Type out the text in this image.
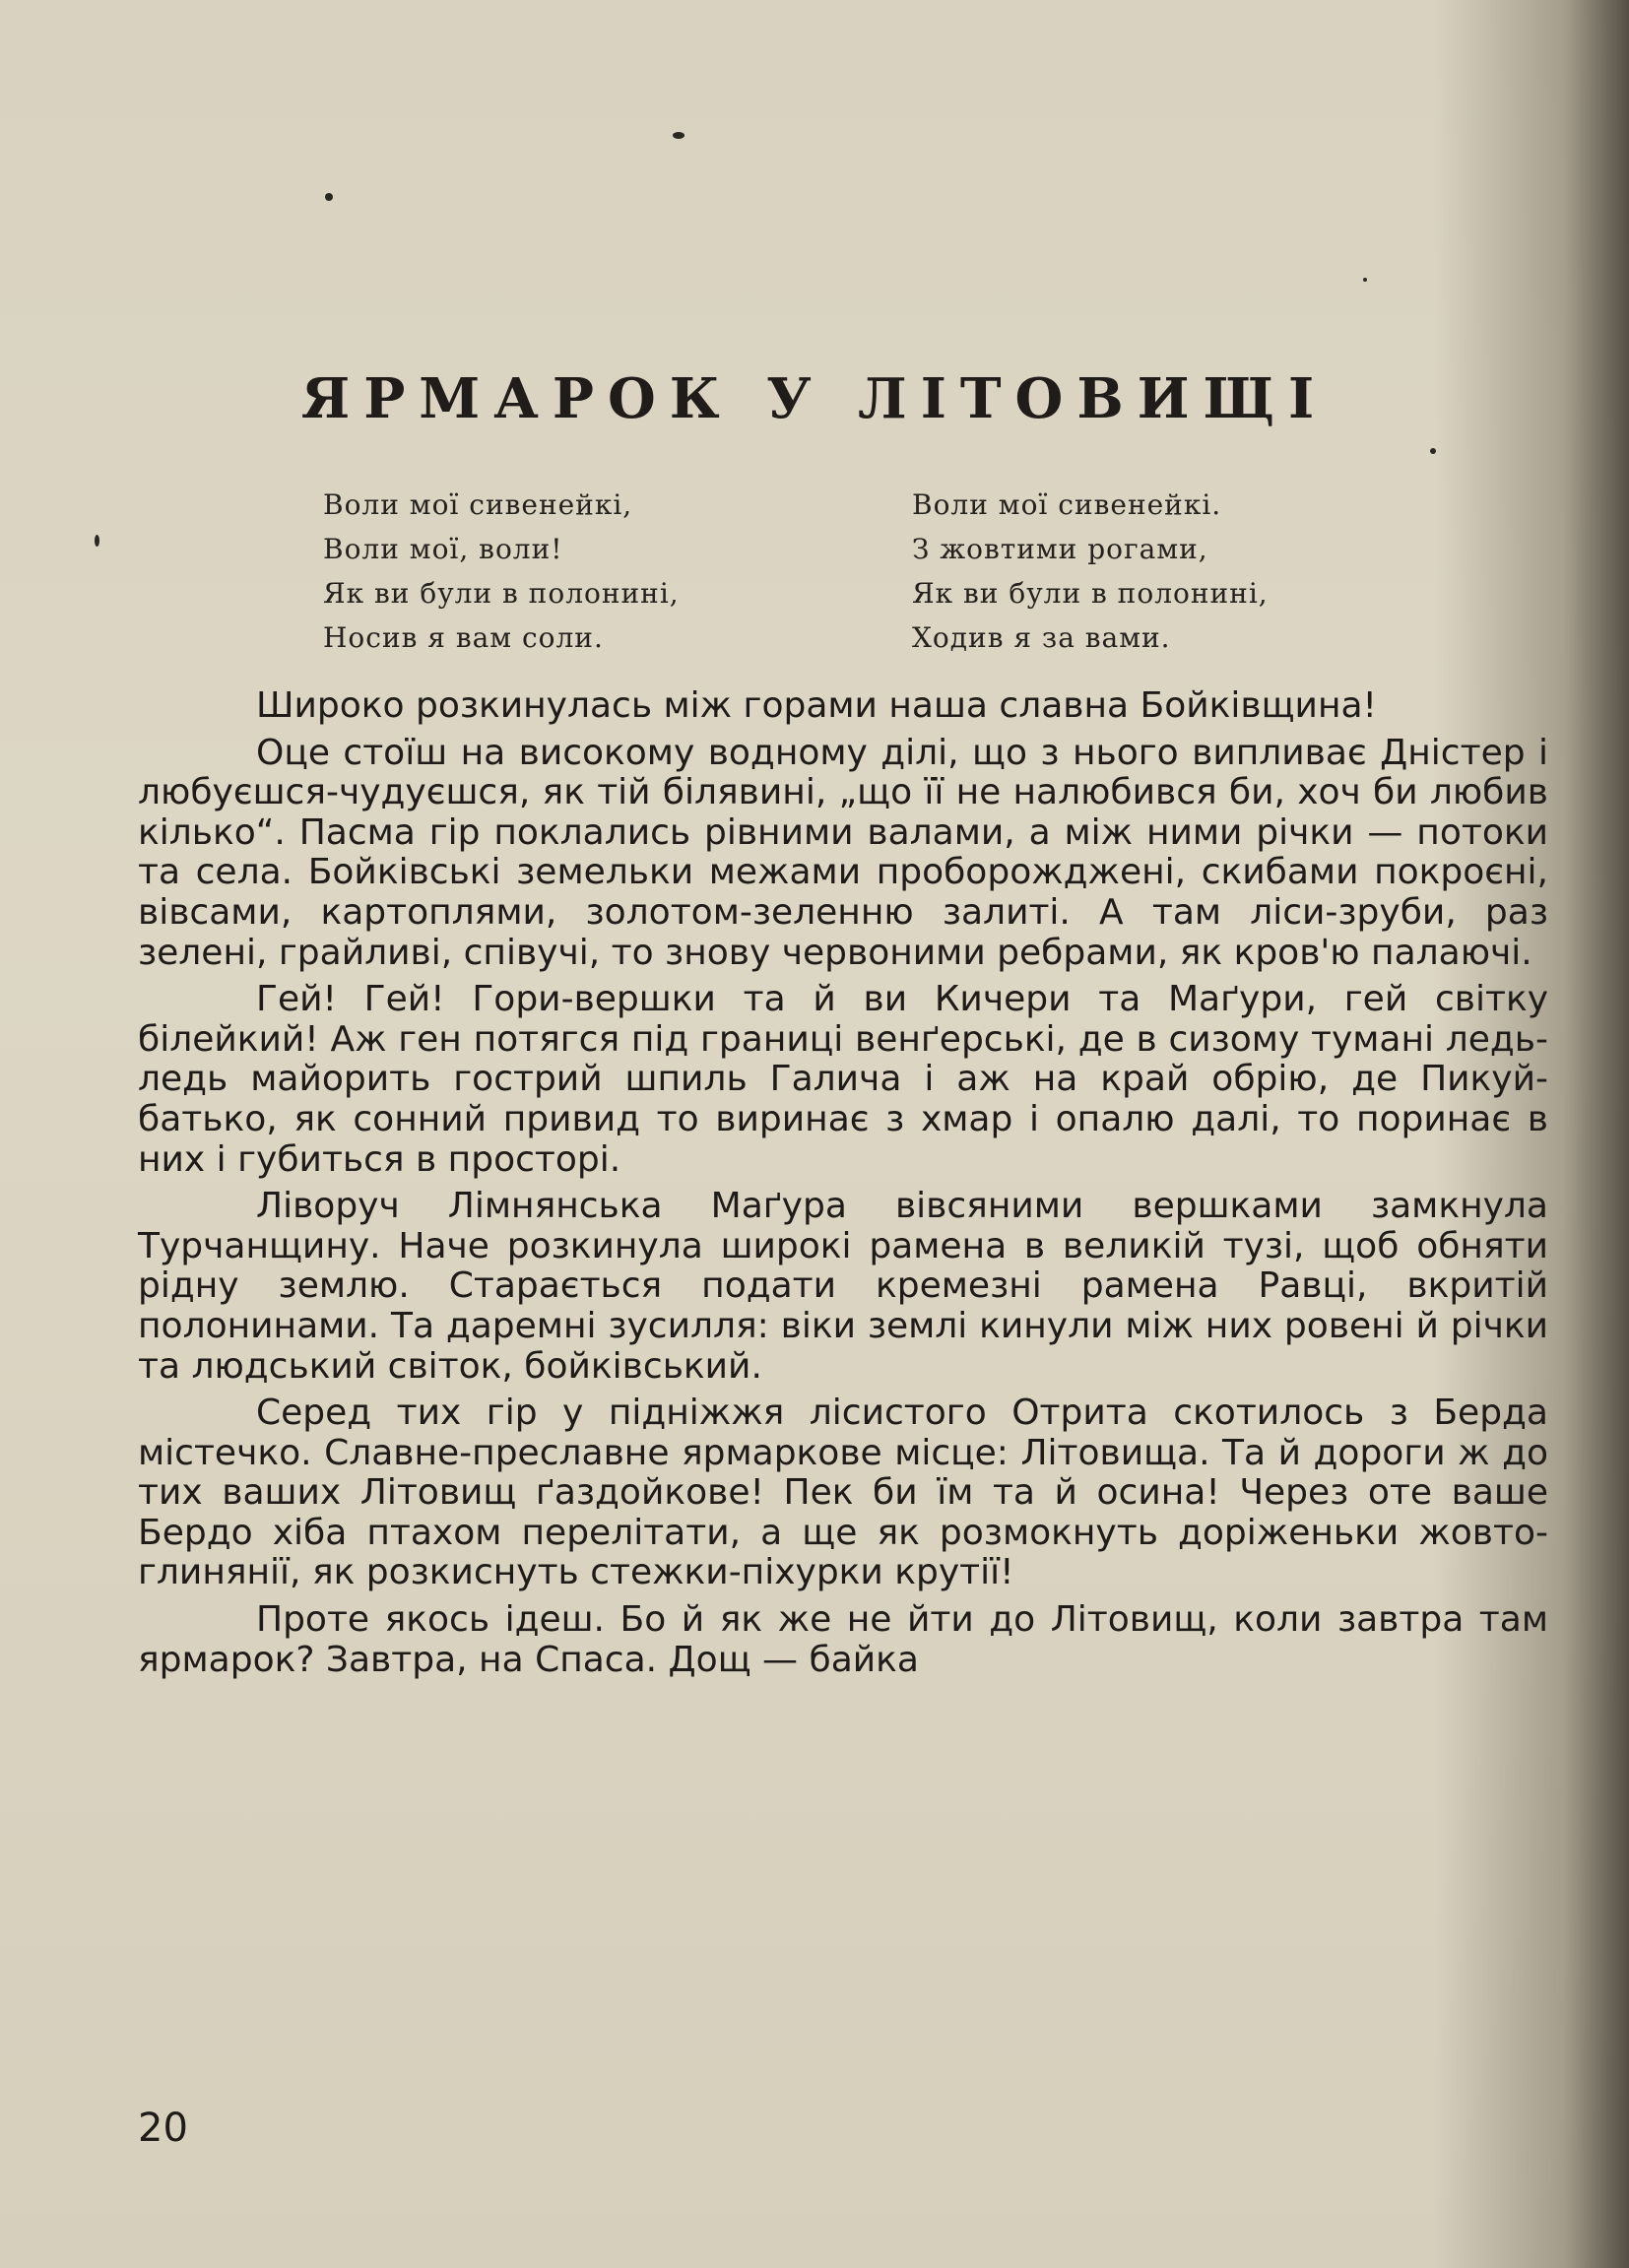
ЯРМАРОК У ЛІТОВИЩІ
Воли мої сивенейкі,
Воли мої, воли!
Як ви були в полонині,
Носив я вам соли.
Воли мої сивенейкі.
З жовтими рогами,
Як ви були в полонині,
Ходив я за вами.

Широко розкинулась між горами наша славна Бойківщина!

Оце стоїш на високому водному ділі, що з нього випливає Дністер і любуєшся-чудуєшся, як тій білявині, „що її не налюбився би, хоч би любив кілько“. Пасма гір поклались рівними валами, а між ними річки — потоки та села. Бойківські земельки межами проборожджені, скибами покроєні, вівсами, картоплями, золотом-зеленню залиті. А там ліси-зруби, раз зелені, грайливі, співучі, то знову червоними ребрами, як кров'ю палаючі.

Гей! Гей! Гори-вершки та й ви Кичери та Маґури, гей світку білейкий! Аж ген потягся під границі венґерські, де в сизому тумані ледь-ледь майорить гострий шпиль Галича і аж на край обрію, де Пикуй-батько, як сонний привид то виринає з хмар і опалю далі, то поринає в них і губиться в просторі.

Ліворуч Лімнянська Маґура вівсяними вершками замкнула Турчанщину. Наче розкинула широкі рамена в великій тузі, щоб обняти рідну землю. Старається подати кремезні рамена Равці, вкритій полонинами. Та даремні зусилля: віки землі кинули між них ровені й річки та людський світок, бойківський.

Серед тих гір у підніжжя лісистого Отрита скотилось з Берда містечко. Славне-преславне ярмаркове місце: Літовища. Та й дороги ж до тих ваших Літовищ ґаздойкове! Пек би їм та й осина! Через оте ваше Бердо хіба птахом перелітати, а ще як розмокнуть доріженьки жовто-глинянії, як розкиснуть стежки-піхурки крутії!

Проте якось ідеш. Бо й як же не йти до Літовищ, коли завтра там ярмарок? Завтра, на Спаса. Дощ — байка

20
